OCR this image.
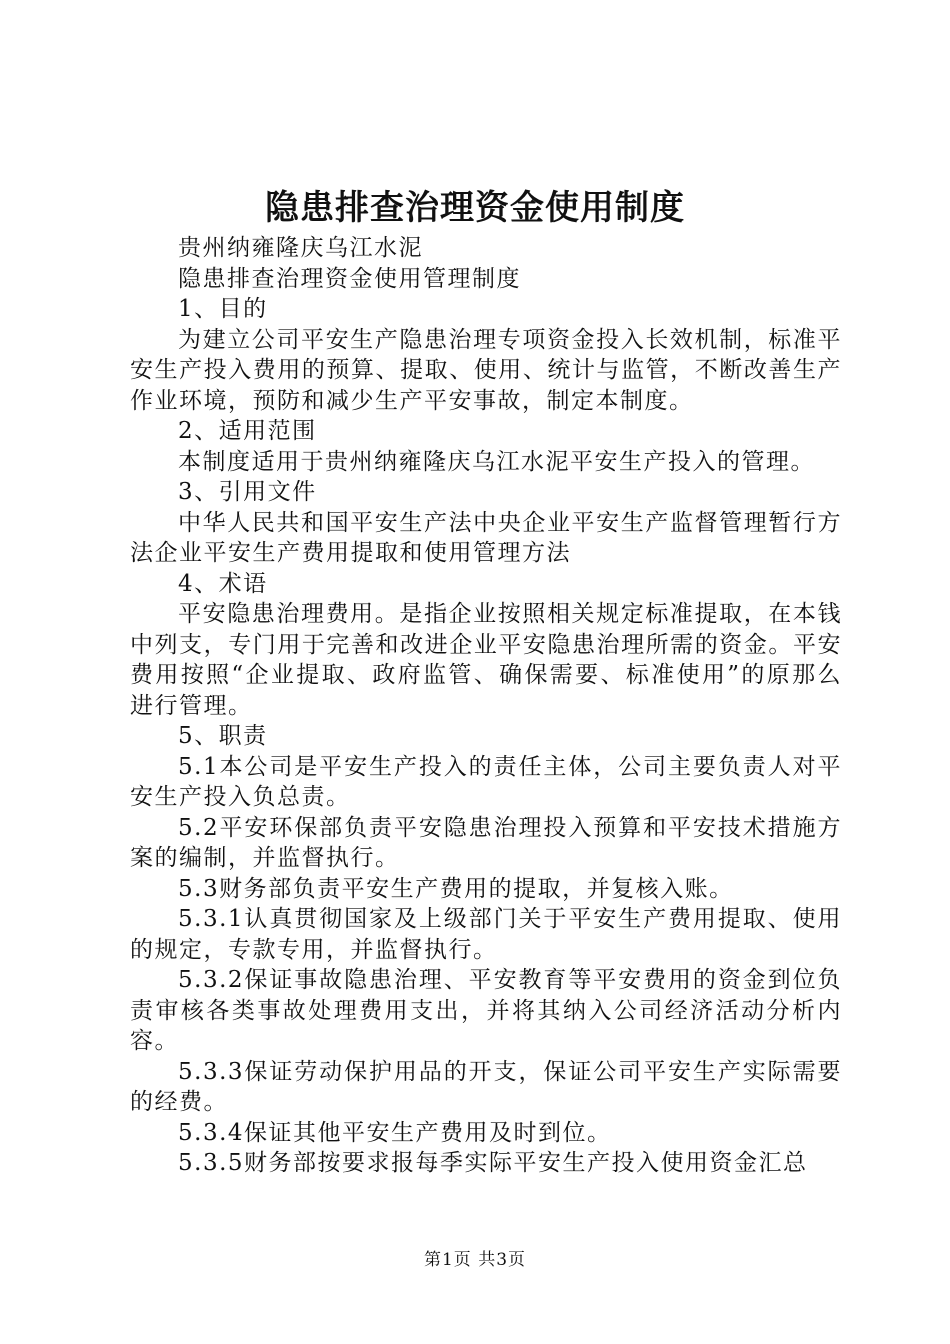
隐患排查治理资金使用制度

贵州纳雍隆庆乌江水泥

隐患排查治理资金使用管理制度

1、目的

为建立公司平安生产隐患治理专项资金投入长效机制，标准平安生产投入费用的预算、提取、使用、统计与监管，不断改善生产作业环境，预防和减少生产平安事故，制定本制度。

2、适用范围

本制度适用于贵州纳雍隆庆乌江水泥平安生产投入的管理。

3、引用文件

中华人民共和国平安生产法中央企业平安生产监督管理暂行方法企业平安生产费用提取和使用管理方法

4、术语

平安隐患治理费用。是指企业按照相关规定标准提取，在本钱中列支，专门用于完善和改进企业平安隐患治理所需的资金。平安费用按照“企业提取、政府监管、确保需要、标准使用”的原那么进行管理。

5、职责

5.1本公司是平安生产投入的责任主体，公司主要负责人对平安生产投入负总责。

5.2平安环保部负责平安隐患治理投入预算和平安技术措施方案的编制，并监督执行。

5.3财务部负责平安生产费用的提取，并复核入账。

5.3.1认真贯彻国家及上级部门关于平安生产费用提取、使用的规定，专款专用，并监督执行。

5.3.2保证事故隐患治理、平安教育等平安费用的资金到位负责审核各类事故处理费用支出，并将其纳入公司经济活动分析内容。

5.3.3保证劳动保护用品的开支，保证公司平安生产实际需要的经费。

5.3.4保证其他平安生产费用及时到位。

5.3.5财务部按要求报每季实际平安生产投入使用资金汇总

第1页 共3页
